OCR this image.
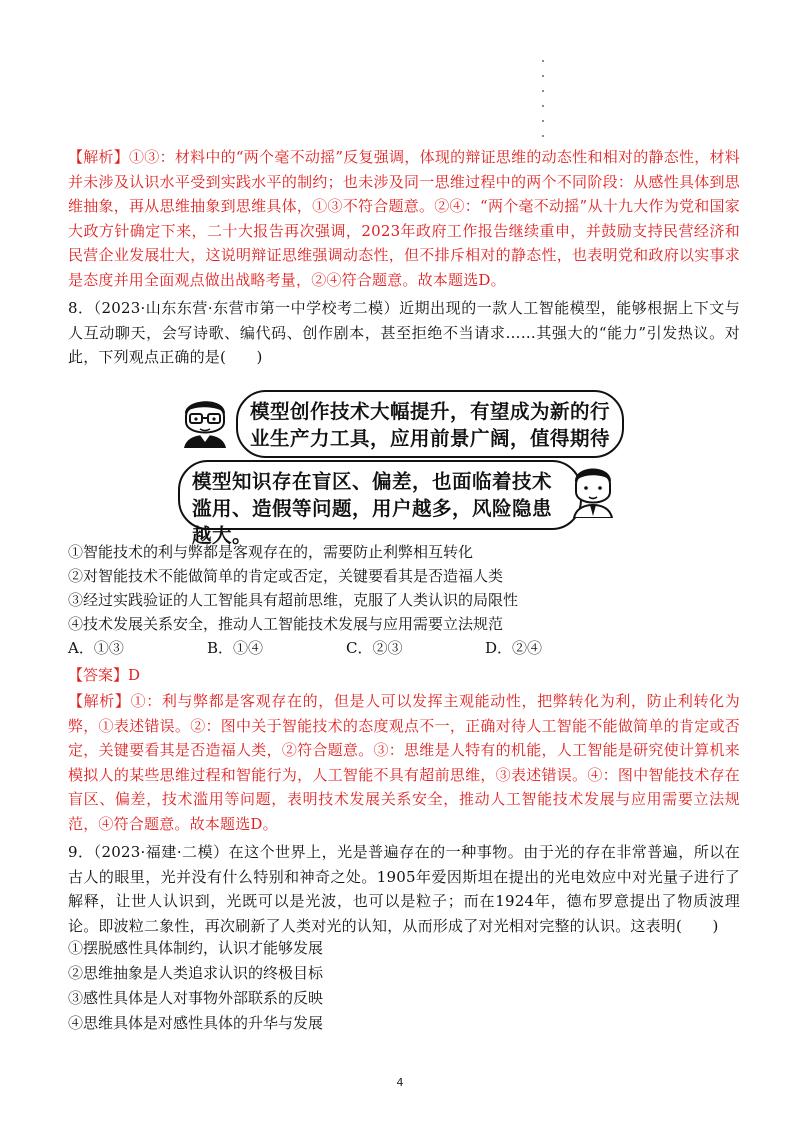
【解析】①③：材料中的“两个毫不动摇”反复强调，体现的辩证思维的动态性和相对的静态性，材料并未涉及认识水平受到实践水平的制约；也未涉及同一思维过程中的两个不同阶段：从感性具体到思维抽象，再从思维抽象到思维具体，①③不符合题意。②④：“两个毫不动摇”从十九大作为党和国家大政方针确定下来，二十大报告再次强调，2023年政府工作报告继续重申，并鼓励支持民营经济和民营企业发展壮大，这说明辩证思维强调动态性，但不排斥相对的静态性，也表明党和政府以实事求是态度并用全面观点做出战略考量，②④符合题意。故本题选D。
8．（2023·山东东营·东营市第一中学校考二模）近期出现的一款人工智能模型，能够根据上下文与人互动聊天，会写诗歌、编代码、创作剧本，甚至拒绝不当请求……其强大的“能力”引发热议。对此，下列观点正确的是(　　)
模型创作技术大幅提升，有望成为新的行业生产力工具，应用前景广阔，值得期待
模型知识存在盲区、偏差，也面临着技术滥用、造假等问题，用户越多，风险隐患越大。
①智能技术的利与弊都是客观存在的，需要防止利弊相互转化
②对智能技术不能做简单的肯定或否定，关键要看其是否造福人类
③经过实践验证的人工智能具有超前思维，克服了人类认识的局限性
④技术发展关系安全，推动人工智能技术发展与应用需要立法规范
A．①③	B．①④	C．②③	D．②④
【答案】D
【解析】①：利与弊都是客观存在的，但是人可以发挥主观能动性，把弊转化为利，防止利转化为弊，①表述错误。②：图中关于智能技术的态度观点不一，正确对待人工智能不能做简单的肯定或否定，关键要看其是否造福人类，②符合题意。③：思维是人特有的机能，人工智能是研究使计算机来模拟人的某些思维过程和智能行为，人工智能不具有超前思维，③表述错误。④：图中智能技术存在盲区、偏差，技术滥用等问题，表明技术发展关系安全，推动人工智能技术发展与应用需要立法规范，④符合题意。故本题选D。
9．（2023·福建·二模）在这个世界上，光是普遍存在的一种事物。由于光的存在非常普遍，所以在古人的眼里，光并没有什么特别和神奇之处。1905年爱因斯坦在提出的光电效应中对光量子进行了解释，让世人认识到，光既可以是光波，也可以是粒子；而在1924年，德布罗意提出了物质波理论。即波粒二象性，再次刷新了人类对光的认知，从而形成了对光相对完整的认识。这表明(　　)
①摆脱感性具体制约，认识才能够发展
②思维抽象是人类追求认识的终极目标
③感性具体是人对事物外部联系的反映
④思维具体是对感性具体的升华与发展
4
